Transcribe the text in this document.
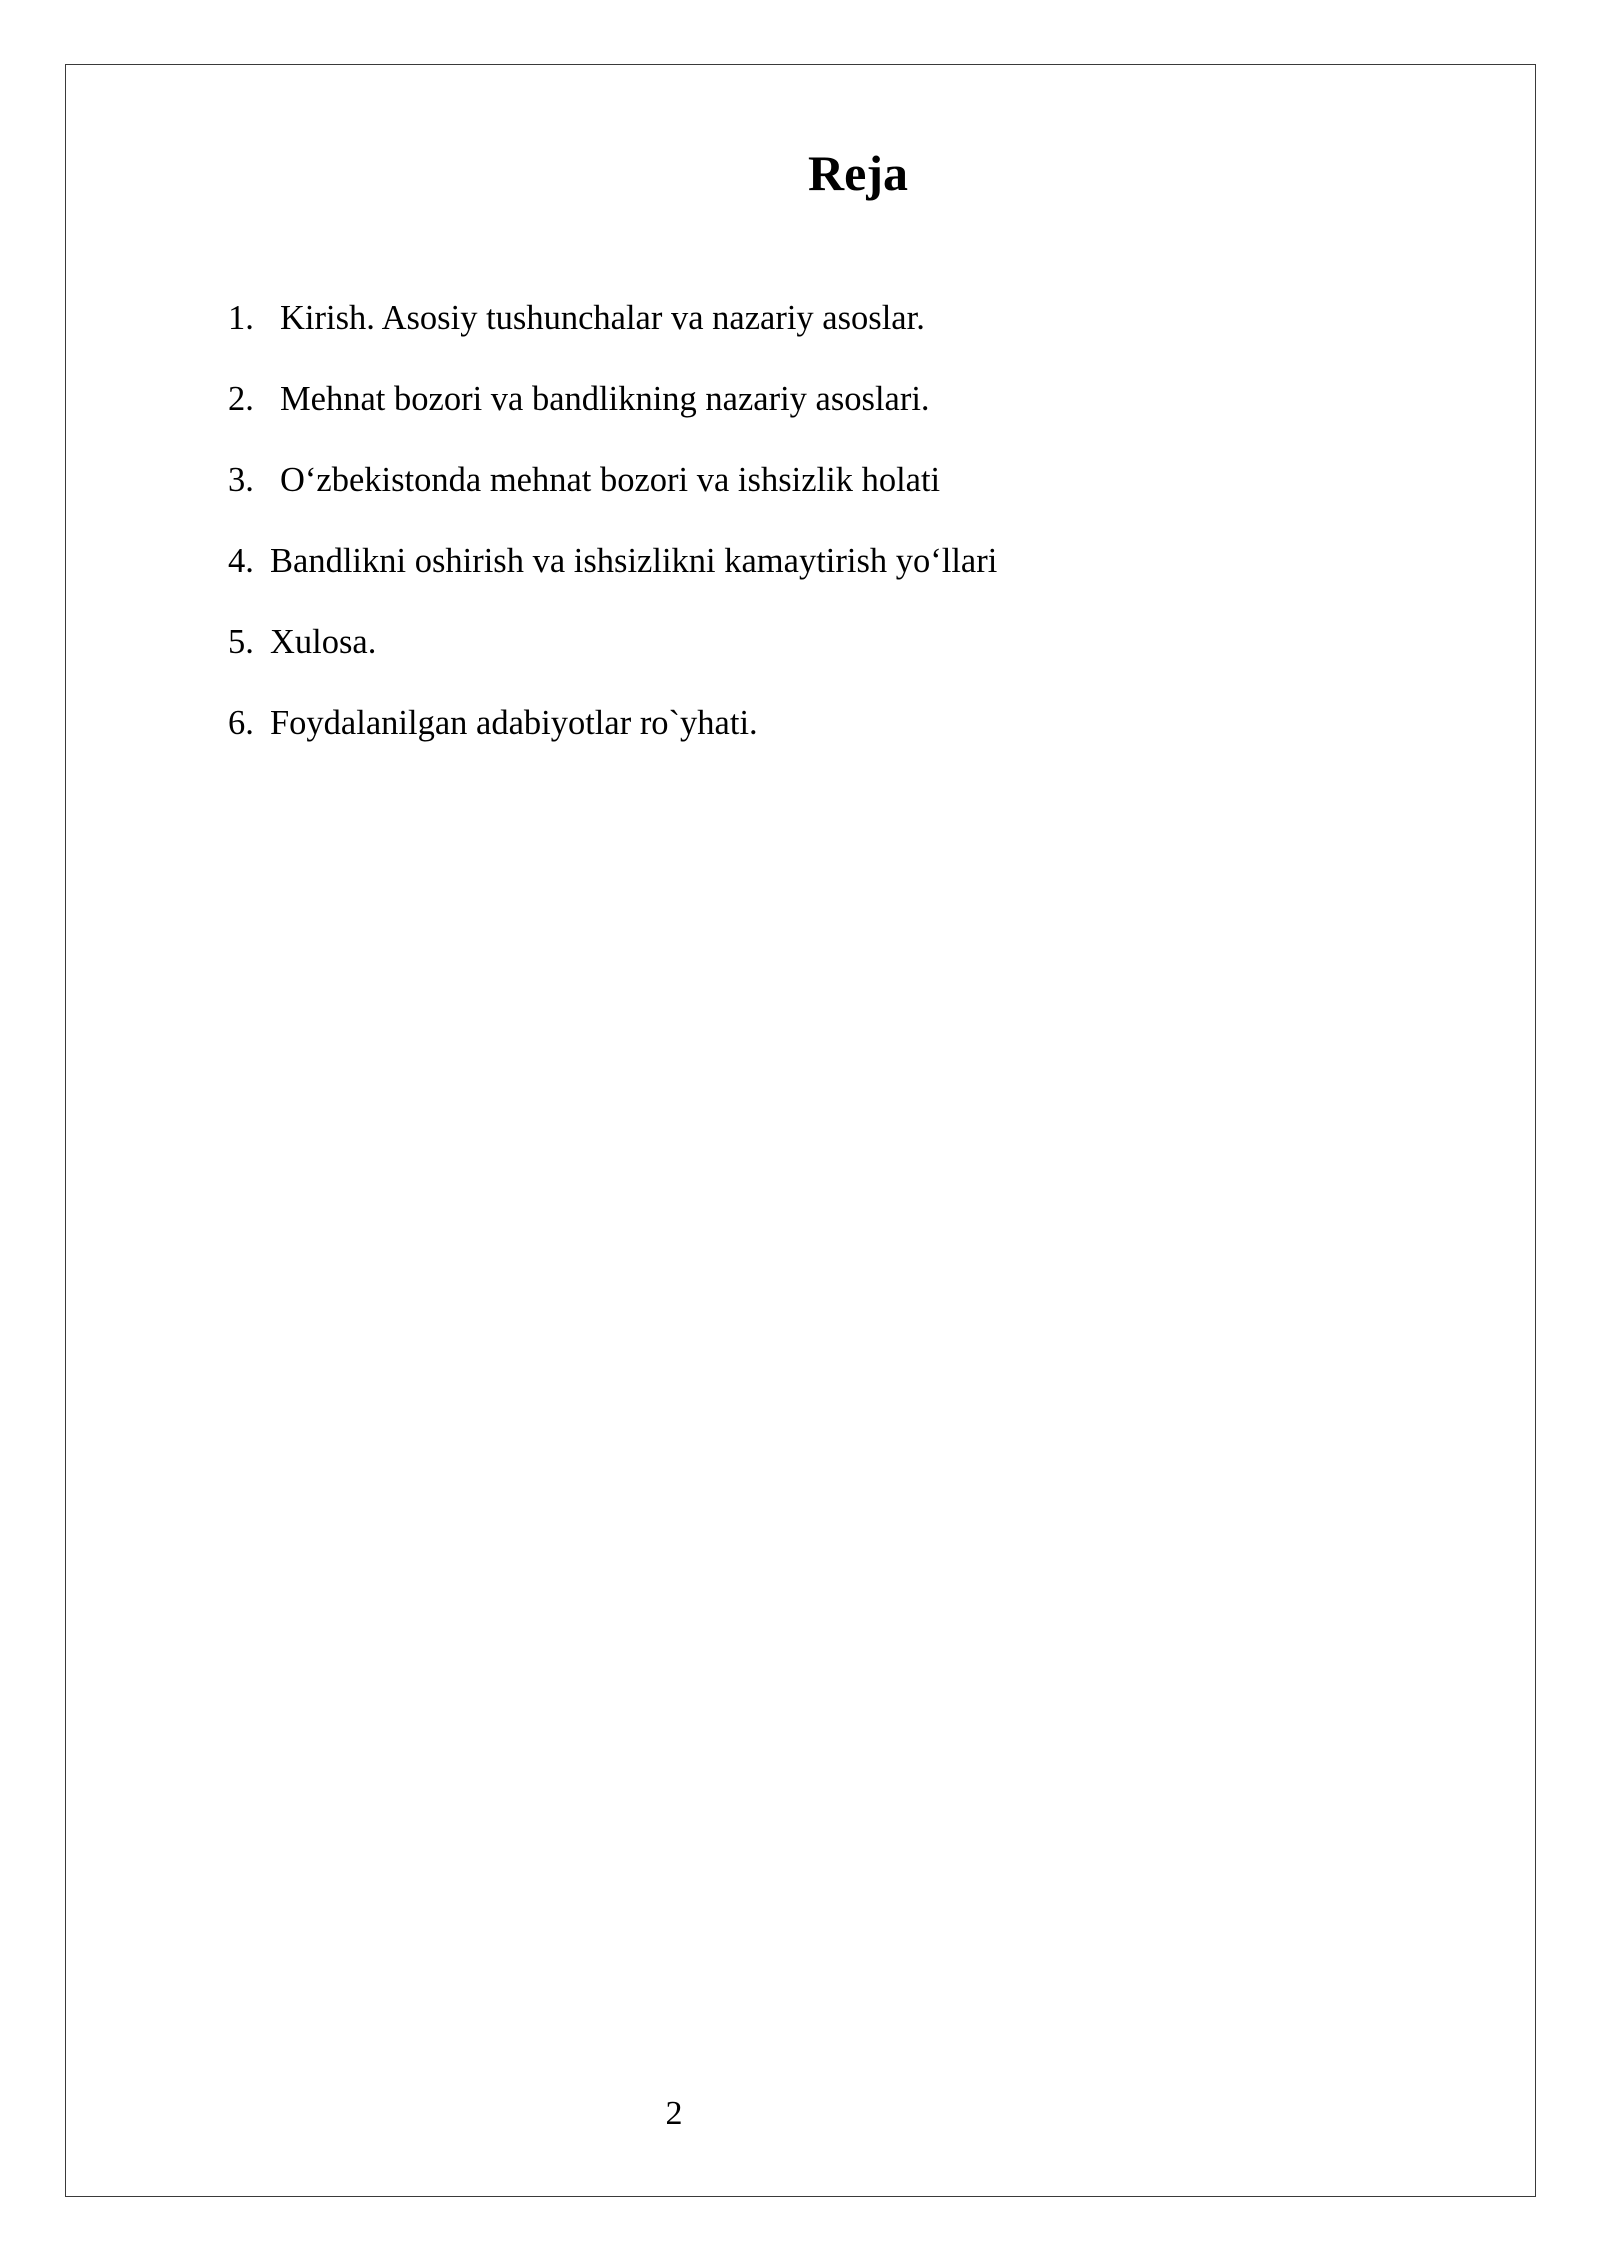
Reja
1. Kirish. Asosiy tushunchalar va nazariy asoslar.
2. Mehnat bozori va bandlikning nazariy asoslari.
3. O‘zbekistonda mehnat bozori va ishsizlik holati
4. Bandlikni oshirish va ishsizlikni kamaytirish yo‘llari
5. Xulosa.
6. Foydalanilgan adabiyotlar ro`yhati.
2
